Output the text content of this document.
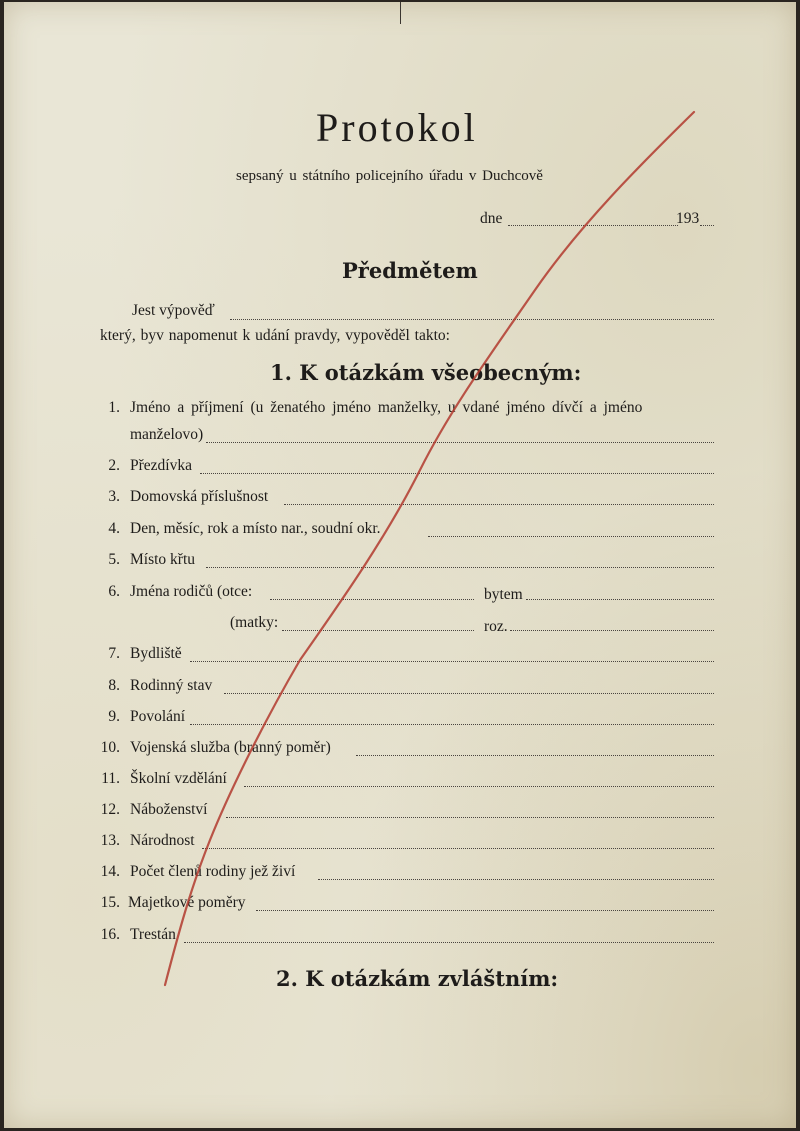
Protokol
sepsaný u státního policejního úřadu v Duchcově
dne	193
Předmětem
Jest výpověď
který, byv napomenut k udání pravdy, vypověděl takto:
1. K otázkám všeobecným:
1. Jméno a příjmení (u ženatého jméno manželky, u vdané jméno dívčí a jméno
manželovo)
2. Přezdívka
3. Domovská příslušnost
4. Den, měsíc, rok a místo nar., soudní okr.
5. Místo křtu
6. Jména rodičů (otce:	bytem
(matky:	roz.
7. Bydliště
8. Rodinný stav
9. Povolání
10. Vojenská služba (branný poměr)
11. Školní vzdělání
12. Náboženství
13. Národnost
14. Počet členů rodiny jež živí
15. Majetkové poměry
16. Trestán
2. K otázkám zvláštním:
